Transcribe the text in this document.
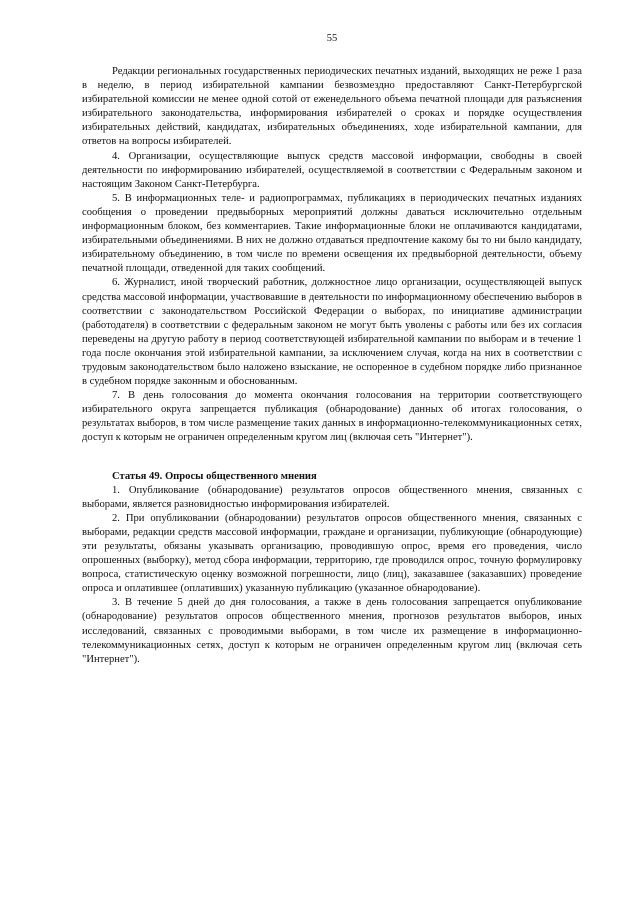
55

Редакции региональных государственных периодических печатных изданий, выходящих не реже 1 раза в неделю, в период избирательной кампании безвозмездно предоставляют Санкт-Петербургской избирательной комиссии не менее одной сотой от еженедельного объема печатной площади для разъяснения избирательного законодательства, информирования избирателей о сроках и порядке осуществления избирательных действий, кандидатах, избирательных объединениях, ходе избирательной кампании, для ответов на вопросы избирателей.

4. Организации, осуществляющие выпуск средств массовой информации, свободны в своей деятельности по информированию избирателей, осуществляемой в соответствии с Федеральным законом и настоящим Законом Санкт-Петербурга.

5. В информационных теле- и радиопрограммах, публикациях в периодических печатных изданиях сообщения о проведении предвыборных мероприятий должны даваться исключительно отдельным информационным блоком, без комментариев. Такие информационные блоки не оплачиваются кандидатами, избирательными объединениями. В них не должно отдаваться предпочтение какому бы то ни было кандидату, избирательному объединению, в том числе по времени освещения их предвыборной деятельности, объему печатной площади, отведенной для таких сообщений.

6. Журналист, иной творческий работник, должностное лицо организации, осуществляющей выпуск средства массовой информации, участвовавшие в деятельности по информационному обеспечению выборов в соответствии с законодательством Российской Федерации о выборах, по инициативе администрации (работодателя) в соответствии с федеральным законом не могут быть уволены с работы или без их согласия переведены на другую работу в период соответствующей избирательной кампании по выборам и в течение 1 года после окончания этой избирательной кампании, за исключением случая, когда на них в соответствии с трудовым законодательством было наложено взыскание, не оспоренное в судебном порядке либо признанное в судебном порядке законным и обоснованным.

7. В день голосования до момента окончания голосования на территории соответствующего избирательного округа запрещается публикация (обнародование) данных об итогах голосования, о результатах выборов, в том числе размещение таких данных в информационно-телекоммуникационных сетях, доступ к которым не ограничен определенным кругом лиц (включая сеть "Интернет").

Статья 49. Опросы общественного мнения

1. Опубликование (обнародование) результатов опросов общественного мнения, связанных с выборами, является разновидностью информирования избирателей.

2. При опубликовании (обнародовании) результатов опросов общественного мнения, связанных с выборами, редакции средств массовой информации, граждане и организации, публикующие (обнародующие) эти результаты, обязаны указывать организацию, проводившую опрос, время его проведения, число опрошенных (выборку), метод сбора информации, территорию, где проводился опрос, точную формулировку вопроса, статистическую оценку возможной погрешности, лицо (лиц), заказавшее (заказавших) проведение опроса и оплатившее (оплативших) указанную публикацию (указанное обнародование).

3. В течение 5 дней до дня голосования, а также в день голосования запрещается опубликование (обнародование) результатов опросов общественного мнения, прогнозов результатов выборов, иных исследований, связанных с проводимыми выборами, в том числе их размещение в информационно-телекоммуникационных сетях, доступ к которым не ограничен определенным кругом лиц (включая сеть "Интернет").
